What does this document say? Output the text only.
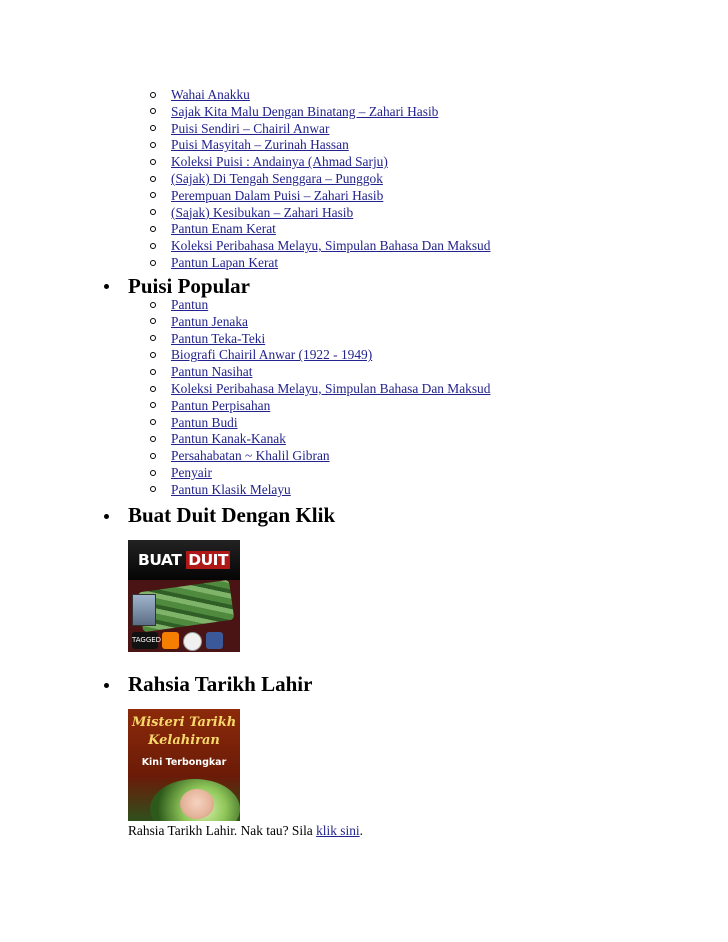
Wahai Anakku
Sajak Kita Malu Dengan Binatang – Zahari Hasib
Puisi Sendiri – Chairil Anwar
Puisi Masyitah – Zurinah Hassan
Koleksi Puisi : Andainya (Ahmad Sarju)
(Sajak) Di Tengah Senggara – Punggok
Perempuan Dalam Puisi – Zahari Hasib
(Sajak) Kesibukan – Zahari Hasib
Pantun Enam Kerat
Koleksi Peribahasa Melayu, Simpulan Bahasa Dan Maksud
Pantun Lapan Kerat
Puisi Popular
Pantun
Pantun Jenaka
Pantun Teka-Teki
Biografi Chairil Anwar (1922 - 1949)
Pantun Nasihat
Koleksi Peribahasa Melayu, Simpulan Bahasa Dan Maksud
Pantun Perpisahan
Pantun Budi
Pantun Kanak-Kanak
Persahabatan ~ Khalil Gibran
Penyair
Pantun Klasik Melayu
Buat Duit Dengan Klik
BUAT DUIT
TAGGED
Rahsia Tarikh Lahir
Misteri Tarikh
Kelahiran
Kini Terbongkar
Rahsia Tarikh Lahir. Nak tau? Sila klik sini.
